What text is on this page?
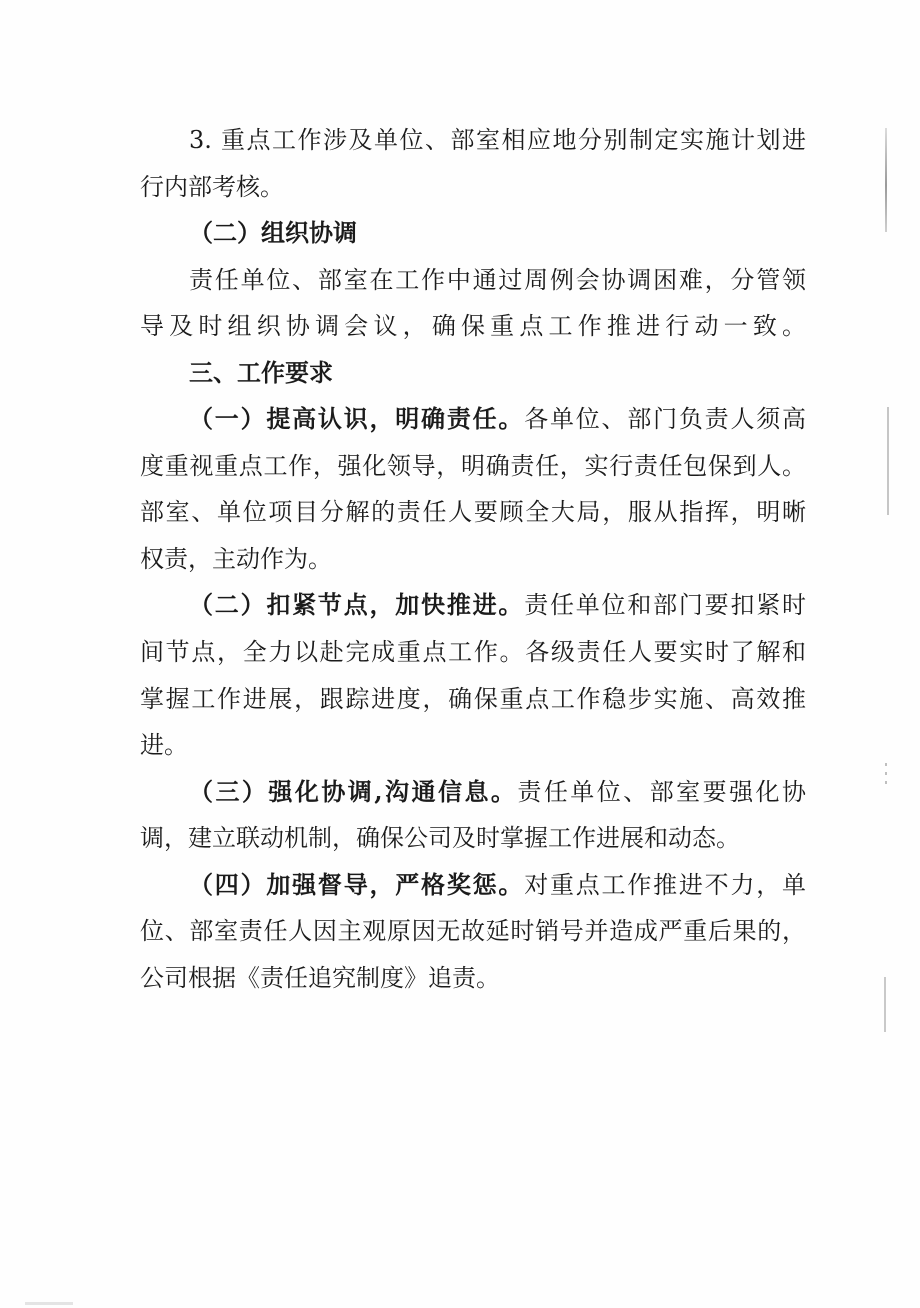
3. 重点工作涉及单位、部室相应地分别制定实施计划进
行内部考核。
（二）组织协调
责任单位、部室在工作中通过周例会协调困难，分管领
导及时组织协调会议，确保重点工作推进行动一致。
三、工作要求
（一）提高认识，明确责任。各单位、部门负责人须高
度重视重点工作，强化领导，明确责任，实行责任包保到人。
部室、单位项目分解的责任人要顾全大局，服从指挥，明晰
权责，主动作为。
（二）扣紧节点，加快推进。责任单位和部门要扣紧时
间节点，全力以赴完成重点工作。各级责任人要实时了解和
掌握工作进展，跟踪进度，确保重点工作稳步实施、高效推
进。
（三）强化协调,沟通信息。责任单位、部室要强化协
调，建立联动机制，确保公司及时掌握工作进展和动态。
（四）加强督导，严格奖惩。对重点工作推进不力，单
位、部室责任人因主观原因无故延时销号并造成严重后果的，
公司根据《责任追究制度》追责。
